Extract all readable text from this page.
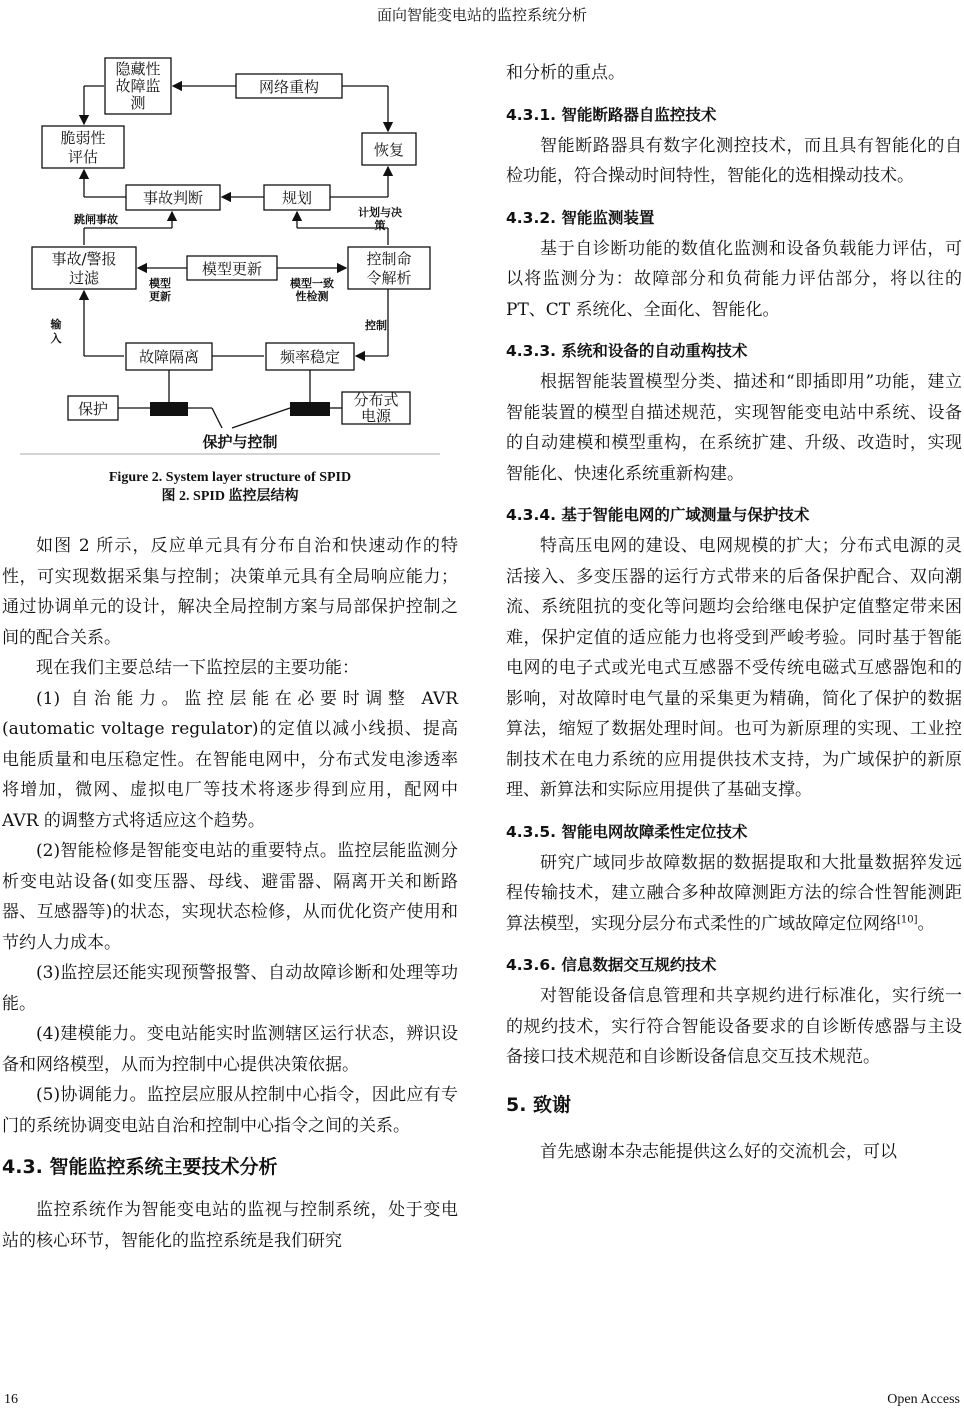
面向智能变电站的监控系统分析
隐藏性
故障监
测
网络重构
脆弱性
评估	恢复
事故判断	规划
事故/警报
过滤	模型更新
控制命
令解析
故障隔离	频率稳定
保护	分布式
电源
跳闸事故
计划与决
策
模型
更新
模型一致
性检测
输
入
控制
保护与控制
Figure 2. System layer structure of SPID
图 2. SPID 监控层结构

如图 2 所示，反应单元具有分布自治和快速动作的特性，可实现数据采集与控制；决策单元具有全局响应能力；通过协调单元的设计，解决全局控制方案与局部保护控制之间的配合关系。

现在我们主要总结一下监控层的主要功能：

(1) 自治能力。监控层能在必要时调整 AVR (automatic voltage regulator)的定值以减小线损、提高电能质量和电压稳定性。在智能电网中，分布式发电渗透率将增加，微网、虚拟电厂等技术将逐步得到应用，配网中 AVR 的调整方式将适应这个趋势。

(2)智能检修是智能变电站的重要特点。监控层能监测分析变电站设备(如变压器、母线、避雷器、隔离开关和断路器、互感器等)的状态，实现状态检修，从而优化资产使用和节约人力成本。

(3)监控层还能实现预警报警、自动故障诊断和处理等功能。

(4)建模能力。变电站能实时监测辖区运行状态，辨识设备和网络模型，从而为控制中心提供决策依据。

(5)协调能力。监控层应服从控制中心指令，因此应有专门的系统协调变电站自治和控制中心指令之间的关系。

4.3. 智能监控系统主要技术分析

监控系统作为智能变电站的监视与控制系统，处于变电站的核心环节，智能化的监控系统是我们研究

和分析的重点。

4.3.1. 智能断路器自监控技术

智能断路器具有数字化测控技术，而且具有智能化的自检功能，符合操动时间特性，智能化的选相操动技术。

4.3.2. 智能监测装置

基于自诊断功能的数值化监测和设备负载能力评估，可以将监测分为：故障部分和负荷能力评估部分，将以往的 PT、CT 系统化、全面化、智能化。

4.3.3. 系统和设备的自动重构技术

根据智能装置模型分类、描述和“即插即用”功能，建立智能装置的模型自描述规范，实现智能变电站中系统、设备的自动建模和模型重构，在系统扩建、升级、改造时，实现智能化、快速化系统重新构建。

4.3.4. 基于智能电网的广域测量与保护技术

特高压电网的建设、电网规模的扩大；分布式电源的灵活接入、多变压器的运行方式带来的后备保护配合、双向潮流、系统阻抗的变化等问题均会给继电保护定值整定带来困难，保护定值的适应能力也将受到严峻考验。同时基于智能电网的电子式或光电式互感器不受传统电磁式互感器饱和的影响，对故障时电气量的采集更为精确，简化了保护的数据算法，缩短了数据处理时间。也可为新原理的实现、工业控制技术在电力系统的应用提供技术支持，为广域保护的新原理、新算法和实际应用提供了基础支撑。

4.3.5. 智能电网故障柔性定位技术

研究广域同步故障数据的数据提取和大批量数据猝发远程传输技术，建立融合多种故障测距方法的综合性智能测距算法模型，实现分层分布式柔性的广域故障定位网络[10]。

4.3.6. 信息数据交互规约技术

对智能设备信息管理和共享规约进行标准化，实行统一的规约技术，实行符合智能设备要求的自诊断传感器与主设备接口技术规范和自诊断设备信息交互技术规范。

5. 致谢

首先感谢本杂志能提供这么好的交流机会，可以

16	Open Access
